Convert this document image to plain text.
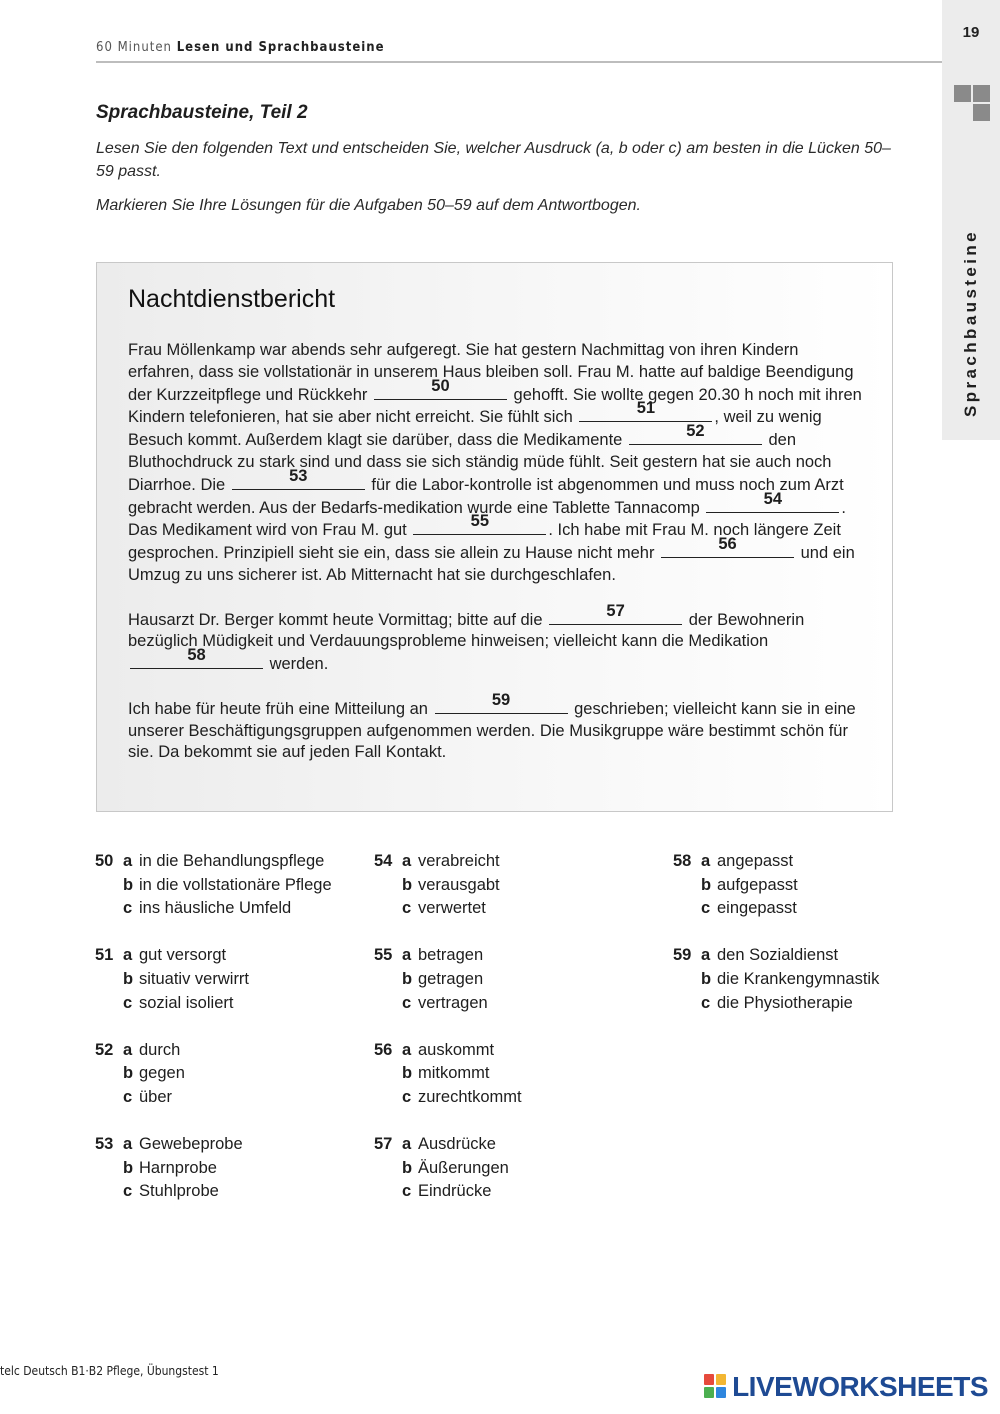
60 Minuten Lesen und Sprachbausteine
19
Sprachbausteine
Sprachbausteine, Teil 2

Lesen Sie den folgenden Text und entscheiden Sie, welcher Ausdruck (a, b oder c) am besten in die Lücken 50–59 passt.

Markieren Sie Ihre Lösungen für die Aufgaben 50–59 auf dem Antwortbogen.

Nachtdienstbericht

Frau Möllenkamp war abends sehr aufgeregt. Sie hat gestern Nachmittag von ihren Kindern erfahren, dass sie vollstationär in unserem Haus bleiben soll. Frau M. hatte auf baldige Beendigung der Kurzzeitpflege und Rückkehr	50	gehofft. Sie wollte gegen 20.30 h noch mit ihren Kindern telefonieren, hat sie aber nicht erreicht. Sie fühlt sich	51	, weil zu wenig Besuch kommt. Außerdem klagt sie darüber, dass die Medikamente	52	den Bluthochdruck zu stark sind und dass sie sich ständig müde fühlt. Seit gestern hat sie auch noch Diarrhoe. Die	53	für die Labor-kontrolle ist abgenommen und muss noch zum Arzt gebracht werden. Aus der Bedarfs-medikation wurde eine Tablette Tannacomp	54	. Das Medikament wird von Frau M. gut	55	. Ich habe mit Frau M. noch längere Zeit gesprochen. Prinzipiell sieht sie ein, dass sie allein zu Hause nicht mehr	56	und ein Umzug zu uns sicherer ist. Ab Mitternacht hat sie durchgeschlafen.

Hausarzt Dr. Berger kommt heute Vormittag; bitte auf die	57	der Bewohnerin bezüglich Müdigkeit und Verdauungsprobleme hinweisen; vielleicht kann die Medikation
58	werden.

Ich habe für heute früh eine Mitteilung an	59	geschrieben; vielleicht kann sie in eine unserer Beschäftigungsgruppen aufgenommen werden. Die Musikgruppe wäre bestimmt schön für sie. Da bekommt sie auf jeden Fall Kontakt.

50 a in die Behandlungspflege
b in die vollstationäre Pflege
c ins häusliche Umfeld
51 a gut versorgt
b situativ verwirrt
c sozial isoliert
52 a durch
b gegen
c über
53 a Gewebeprobe
b Harnprobe
c Stuhlprobe
54 a verabreicht
b verausgabt
c verwertet
55 a betragen
b getragen
c vertragen
56 a auskommt
b mitkommt
c zurechtkommt
57 a Ausdrücke
b Äußerungen
c Eindrücke
58 a angepasst
b aufgepasst
c eingepasst
59 a den Sozialdienst
b die Krankengymnastik
c die Physiotherapie
telc Deutsch B1·B2 Pflege, Übungstest 1	LIVEWORKSHEETS
